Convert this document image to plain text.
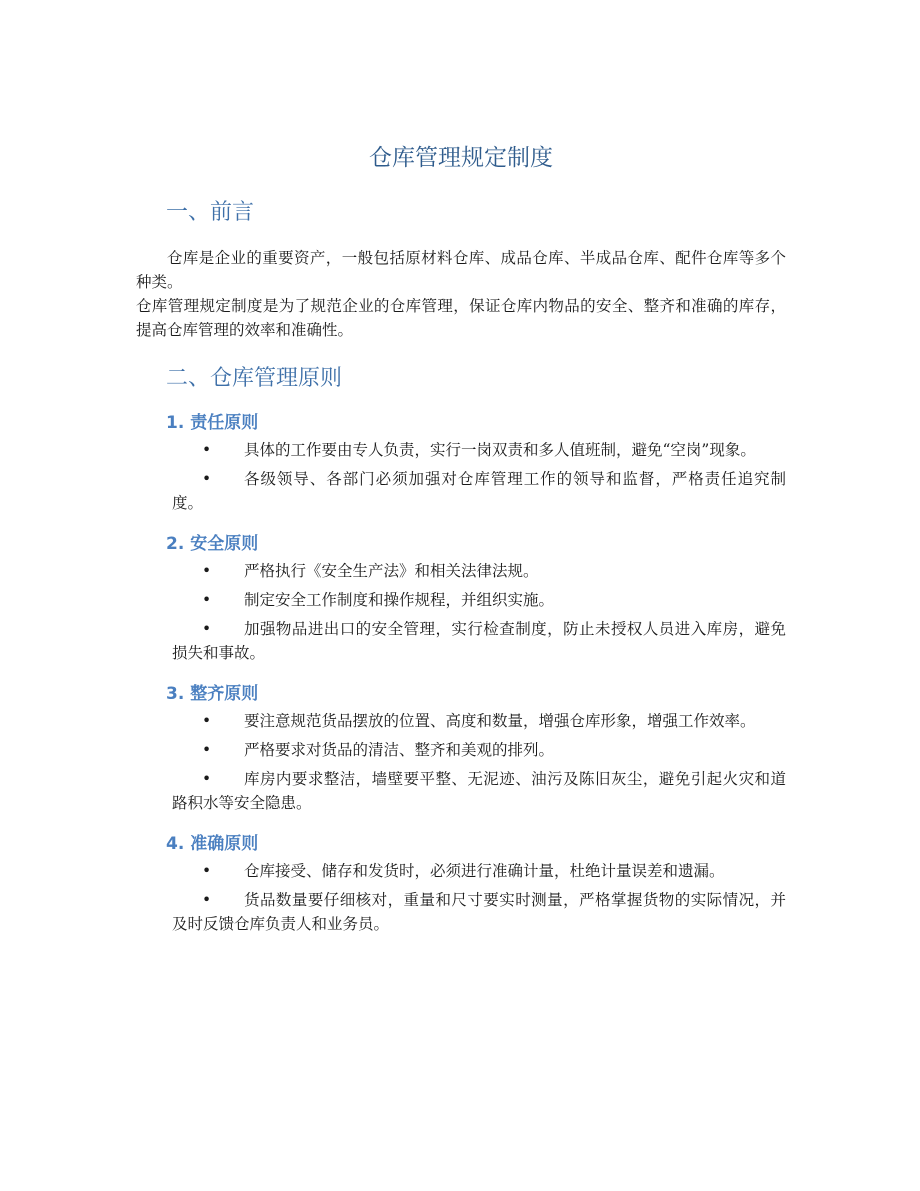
仓库管理规定制度
一、前言

仓库是企业的重要资产，一般包括原材料仓库、成品仓库、半成品仓库、配件仓库等多个种类。

仓库管理规定制度是为了规范企业的仓库管理，保证仓库内物品的安全、整齐和准确的库存，提高仓库管理的效率和准确性。

二、仓库管理原则
1. 责任原则

• 具体的工作要由专人负责，实行一岗双责和多人值班制，避免“空岗”现象。

• 各级领导、各部门必须加强对仓库管理工作的领导和监督，严格责任追究制度。

2. 安全原则

• 严格执行《安全生产法》和相关法律法规。

• 制定安全工作制度和操作规程，并组织实施。

• 加强物品进出口的安全管理，实行检查制度，防止未授权人员进入库房，避免损失和事故。

3. 整齐原则

• 要注意规范货品摆放的位置、高度和数量，增强仓库形象，增强工作效率。

• 严格要求对货品的清洁、整齐和美观的排列。

• 库房内要求整洁，墙壁要平整、无泥迹、油污及陈旧灰尘，避免引起火灾和道路积水等安全隐患。

4. 准确原则

• 仓库接受、储存和发货时，必须进行准确计量，杜绝计量误差和遗漏。

• 货品数量要仔细核对，重量和尺寸要实时测量，严格掌握货物的实际情况，并及时反馈仓库负责人和业务员。
